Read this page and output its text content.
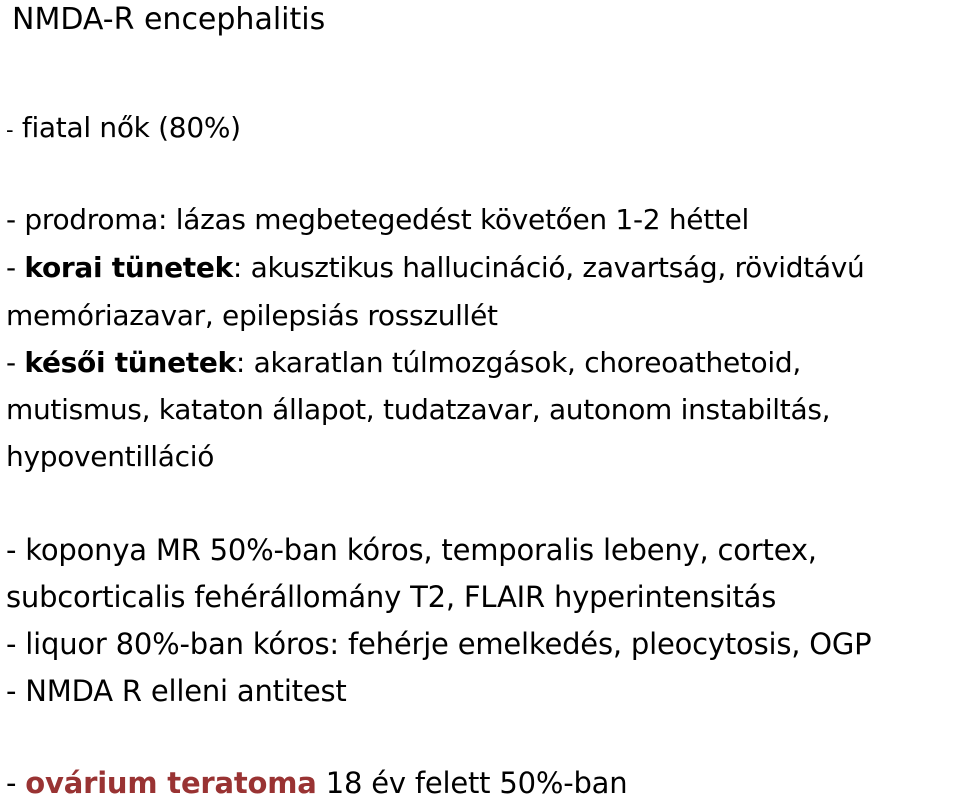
NMDA-R encephalitis
- fiatal nők (80%)
- prodroma: lázas megbetegedést követően 1-2 héttel
- korai tünetek: akusztikus hallucináció, zavartság, rövidtávú
memóriazavar, epilepsiás rosszullét
- késői tünetek: akaratlan túlmozgások, choreoathetoid,
mutismus, kataton állapot, tudatzavar, autonom instabiltás,
hypoventilláció
- koponya MR 50%-ban kóros, temporalis lebeny, cortex,
subcorticalis fehérállomány T2, FLAIR hyperintensitás
- liquor 80%-ban kóros: fehérje emelkedés, pleocytosis, OGP
- NMDA R elleni antitest
- ovárium teratoma 18 év felett 50%-ban
